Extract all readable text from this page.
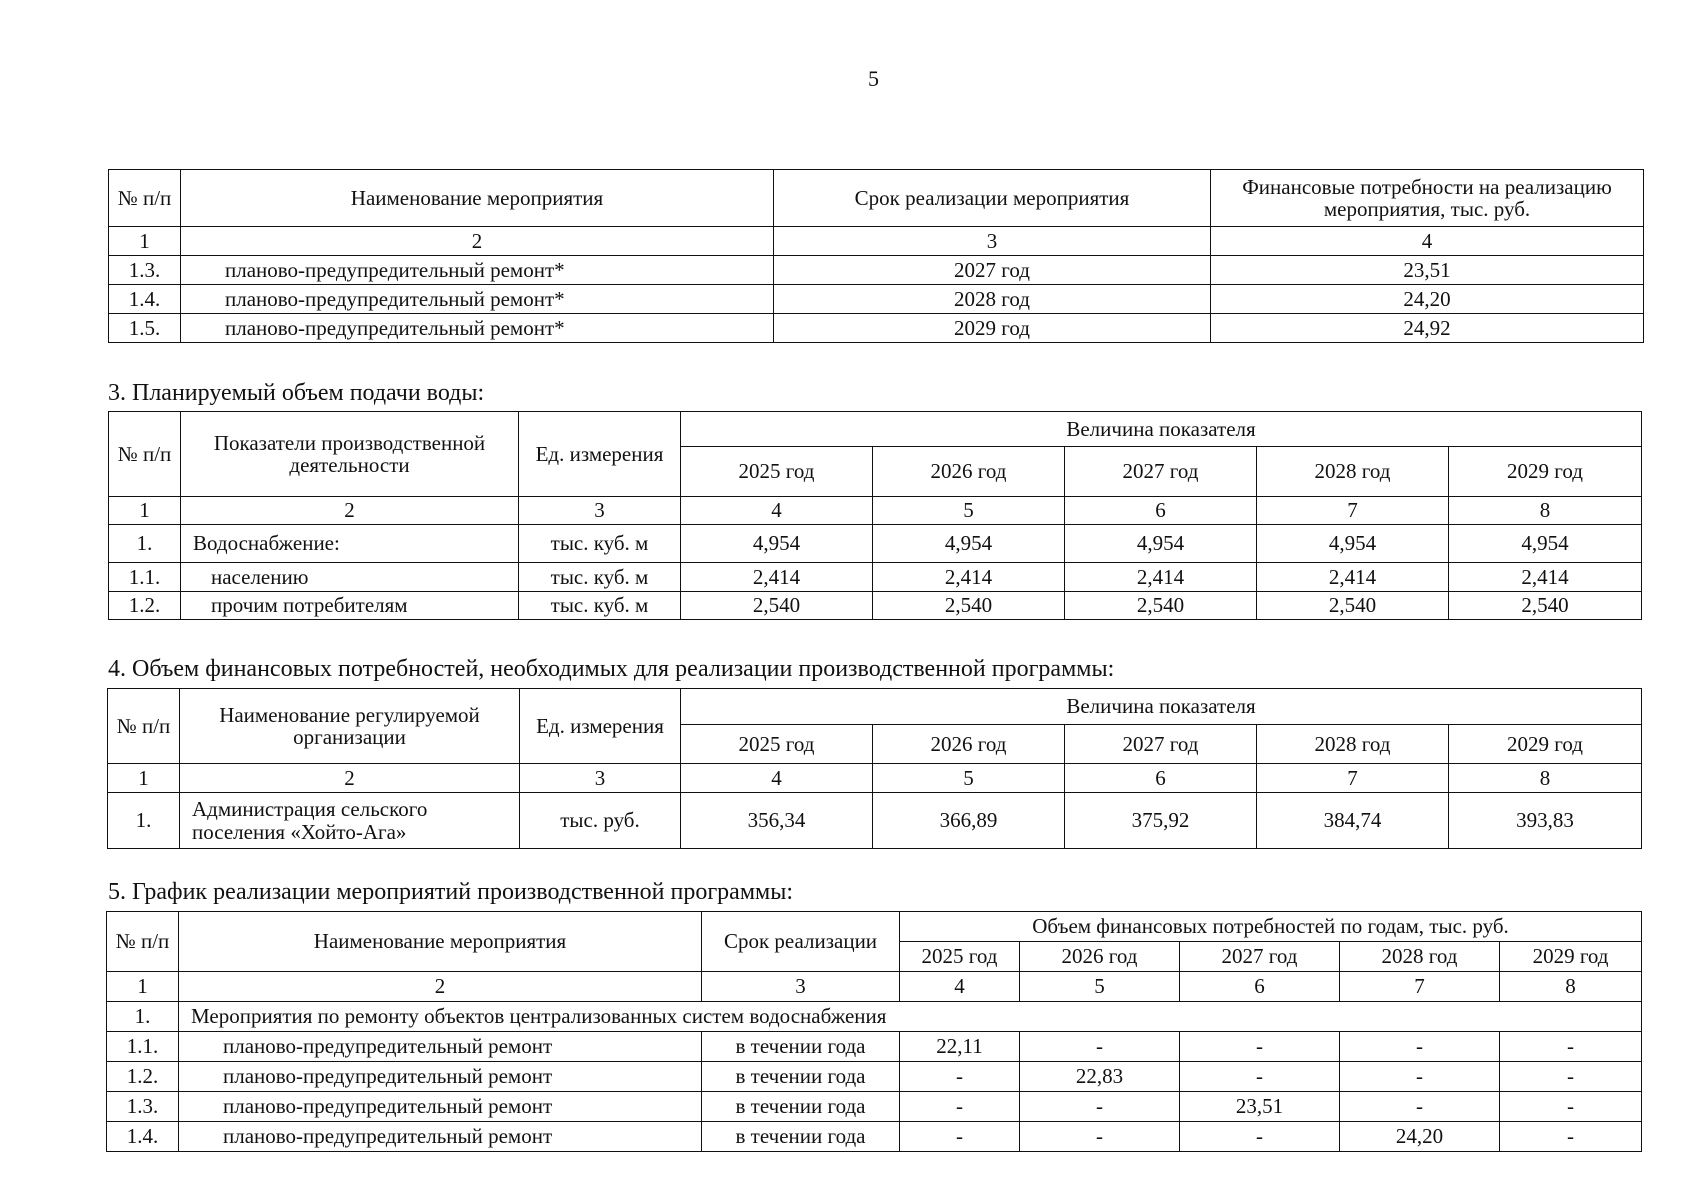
5
№ п/п	Наименование мероприятия	Срок реализации мероприятия	Финансовые потребности на реализацию мероприятия, тыс. руб.
1	2	3	4
1.3.	планово-предупредительный ремонт*	2027 год	23,51
1.4.	планово-предупредительный ремонт*	2028 год	24,20
1.5.	планово-предупредительный ремонт*	2029 год	24,92
3. Планируемый объем подачи воды:
№ п/п	Показатели производственной деятельности	Ед. измерения	Величина показателя				
			2025 год	2026 год	2027 год	2028 год	2029 год
1	2	3	4	5	6	7	8
1.	Водоснабжение:	тыс. куб. м	4,954	4,954	4,954	4,954	4,954
1.1.	населению	тыс. куб. м	2,414	2,414	2,414	2,414	2,414
1.2.	прочим потребителям	тыс. куб. м	2,540	2,540	2,540	2,540	2,540
4. Объем финансовых потребностей, необходимых для реализации производственной программы:
№ п/п	Наименование регулируемой организации	Ед. измерения	Величина показателя				
			2025 год	2026 год	2027 год	2028 год	2029 год
1	2	3	4	5	6	7	8
1.	Администрация сельского поселения «Хойто-Ага»	тыс. руб.	356,34	366,89	375,92	384,74	393,83
5. График реализации мероприятий производственной программы:
№ п/п	Наименование мероприятия	Срок реализации	Объем финансовых потребностей по годам, тыс. руб.				
			2025 год	2026 год	2027 год	2028 год	2029 год
1	2	3	4	5	6	7	8
1.	Мероприятия по ремонту объектов централизованных систем водоснабжения						
1.1.	планово-предупредительный ремонт	в течении года	22,11	-	-	-	-
1.2.	планово-предупредительный ремонт	в течении года	-	22,83	-	-	-
1.3.	планово-предупредительный ремонт	в течении года	-	-	23,51	-	-
1.4.	планово-предупредительный ремонт	в течении года	-	-	-	24,20	-
